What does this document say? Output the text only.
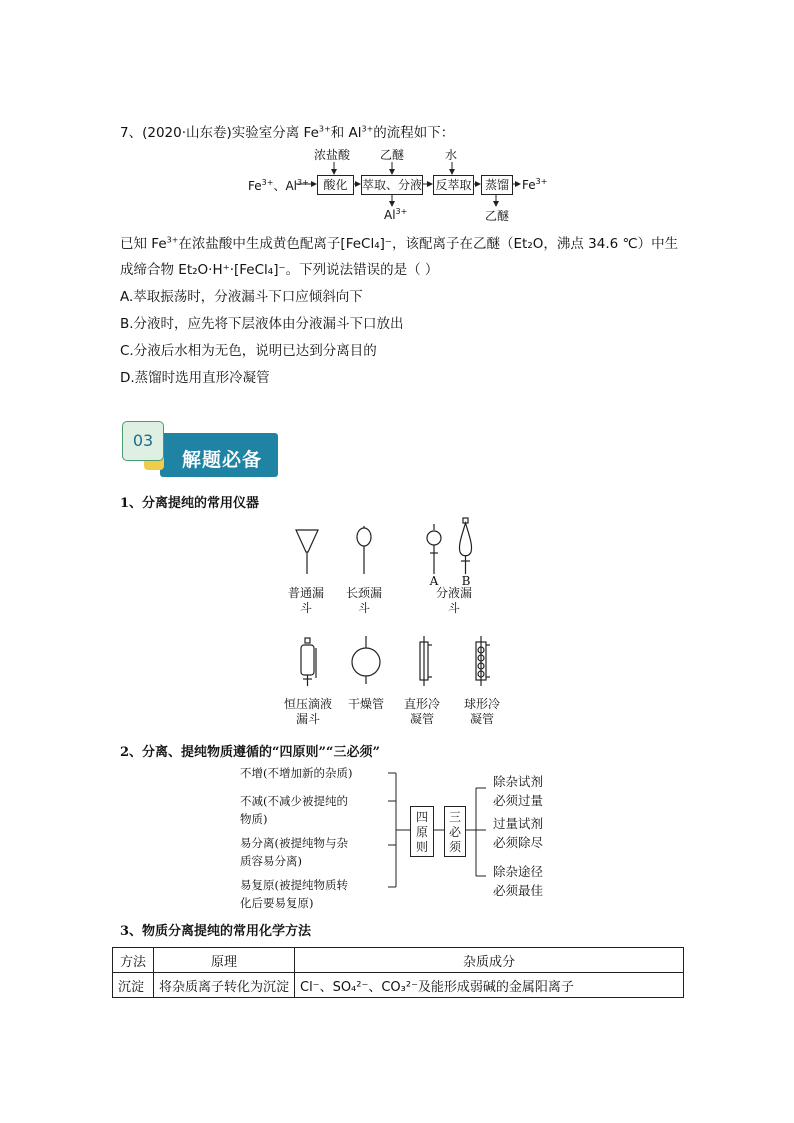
7、(2020·山东卷)实验室分离 $Fe^{3+}$和 $Al^{3+}$的流程如下：
$Fe^{3+}$、$Al^{3+}$
浓盐酸 乙醚	水
酸化	萃取、分液 反萃取	蒸馏	$Fe^{3+}$
$Al^{3+}$	乙醚
已知 $Fe^{3+}$在浓盐酸中生成黄色配离子[FeCl₄]⁻，该配离子在乙醚（Et₂O，沸点 34.6 ℃）中生
成缔合物 Et₂O·H⁺·[FeCl₄]⁻。下列说法错误的是（ ）
A.萃取振荡时，分液漏斗下口应倾斜向下
B.分液时，应先将下层液体由分液漏斗下口放出
C.分液后水相为无色，说明已达到分离目的
D.蒸馏时选用直形冷凝管
03
解题必备
1、分离提纯的常用仪器
普通漏斗
长颈漏斗
A B
分液漏斗
恒压滴液漏斗
干燥管	直形冷凝管
球形冷凝管
2、分离、提纯物质遵循的“四原则”“三必须”
不增(不增加新的杂质)
不减(不减少被提纯的
物质)
易分离(被提纯物与杂
质容易分离)
易复原(被提纯物质转
化后要易复原)
四原则
三必须
除杂试剂
必须过量
过量试剂
必须除尽
除杂途径
必须最佳
3、物质分离提纯的常用化学方法
方法	原理	杂质成分
沉淀	将杂质离子转化为沉淀	Cl⁻、SO₄²⁻、CO₃²⁻及能形成弱碱的金属阳离子
